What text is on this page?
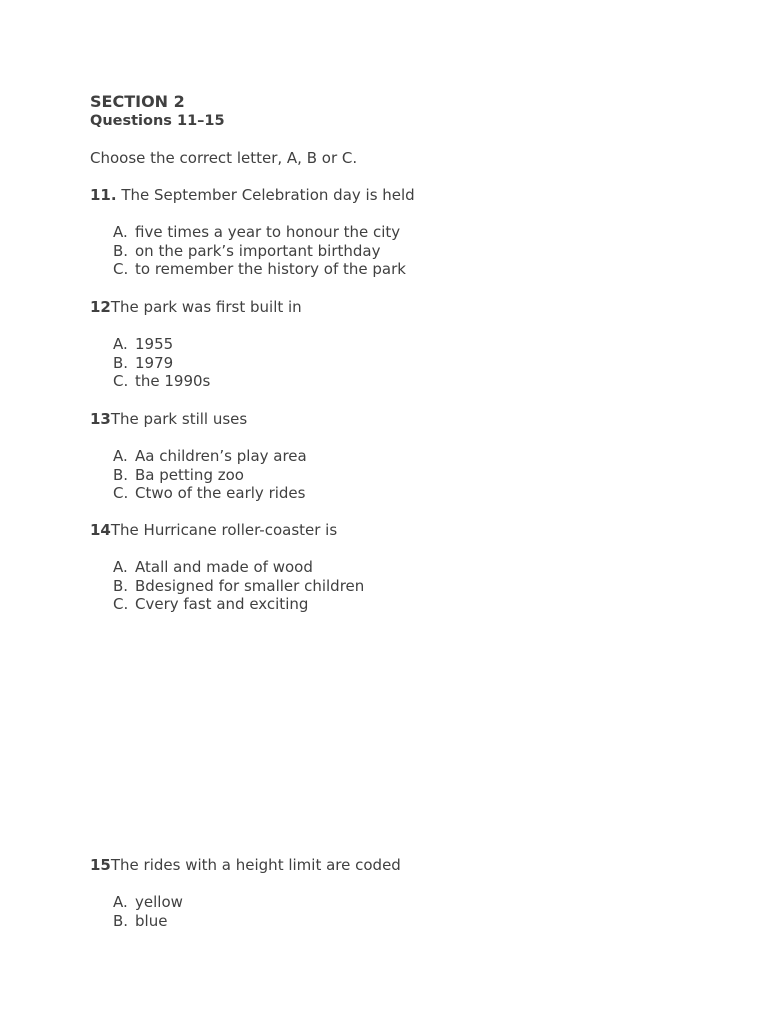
SECTION 2
Questions 11–15
Choose the correct letter, A, B or C.
11. The September Celebration day is held
A. five times a year to honour the city
B. on the park’s important birthday
C. to remember the history of the park
12The park was first built in
A. 1955
B. 1979
C. the 1990s
13The park still uses
A. Aa children’s play area
B. Ba petting zoo
C. Ctwo of the early rides
14The Hurricane roller-coaster is
A. Atall and made of wood
B. Bdesigned for smaller children
C. Cvery fast and exciting
15The rides with a height limit are coded
A. yellow
B. blue
